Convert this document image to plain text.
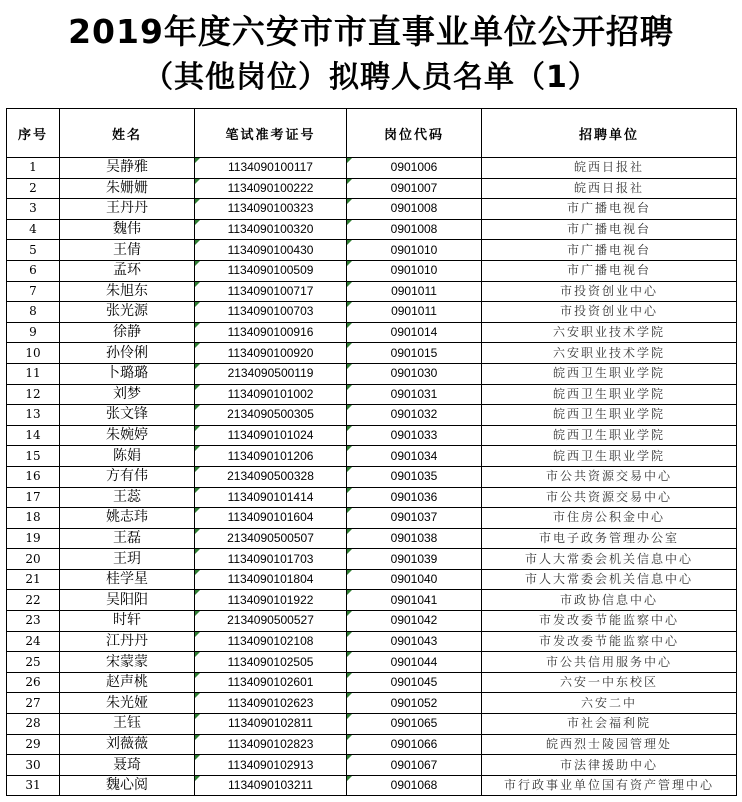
2019年度六安市市直事业单位公开招聘
（其他岗位）拟聘人员名单（1）
序号	姓名	笔试准考证号	岗位代码	招聘单位
1	吴静雅	1134090100117	0901006	皖西日报社
2	朱姗姗	1134090100222	0901007	皖西日报社
3	王丹丹	1134090100323	0901008	市广播电视台
4	魏伟	1134090100320	0901008	市广播电视台
5	王倩	1134090100430	0901010	市广播电视台
6	孟环	1134090100509	0901010	市广播电视台
7	朱旭东	1134090100717	0901011	市投资创业中心
8	张光源	1134090100703	0901011	市投资创业中心
9	徐静	1134090100916	0901014	六安职业技术学院
10	孙伶俐	1134090100920	0901015	六安职业技术学院
11	卜璐璐	2134090500119	0901030	皖西卫生职业学院
12	刘梦	1134090101002	0901031	皖西卫生职业学院
13	张文锋	2134090500305	0901032	皖西卫生职业学院
14	朱婉婷	1134090101024	0901033	皖西卫生职业学院
15	陈娟	1134090101206	0901034	皖西卫生职业学院
16	方有伟	2134090500328	0901035	市公共资源交易中心
17	王蕊	1134090101414	0901036	市公共资源交易中心
18	姚志玮	1134090101604	0901037	市住房公积金中心
19	王磊	2134090500507	0901038	市电子政务管理办公室
20	王玥	1134090101703	0901039	市人大常委会机关信息中心
21	桂学星	1134090101804	0901040	市人大常委会机关信息中心
22	吴阳阳	1134090101922	0901041	市政协信息中心
23	时轩	2134090500527	0901042	市发改委节能监察中心
24	江丹丹	1134090102108	0901043	市发改委节能监察中心
25	宋蒙蒙	1134090102505	0901044	市公共信用服务中心
26	赵声桃	1134090102601	0901045	六安一中东校区
27	朱光娅	1134090102623	0901052	六安二中
28	王钰	1134090102811	0901065	市社会福利院
29	刘薇薇	1134090102823	0901066	皖西烈士陵园管理处
30	聂琦	1134090102913	0901067	市法律援助中心
31	魏心阅	1134090103211	0901068	市行政事业单位国有资产管理中心
